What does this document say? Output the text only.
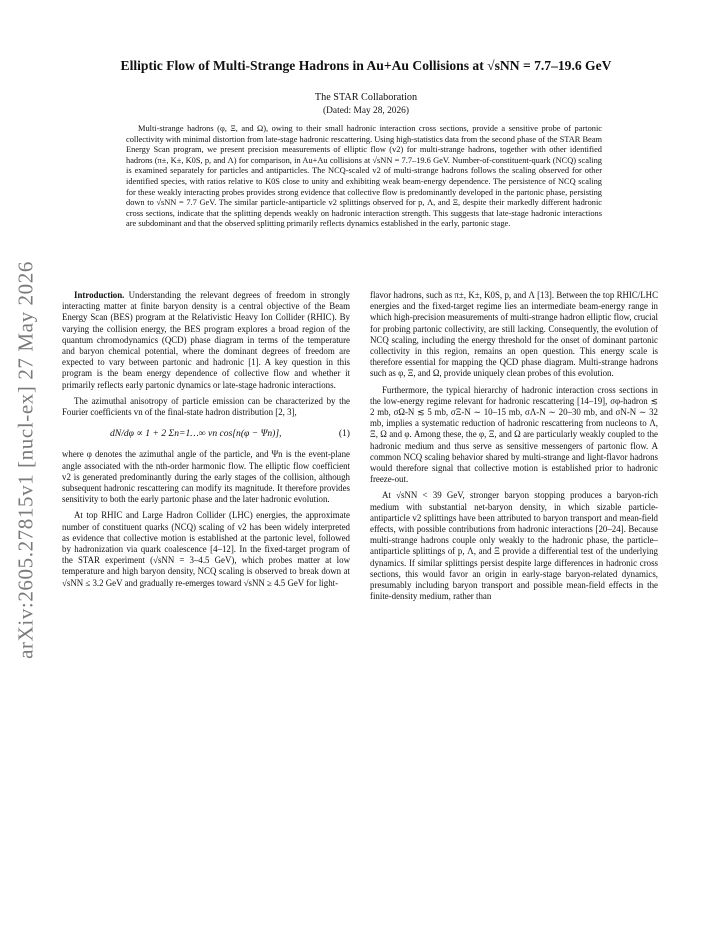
arXiv:2605.27815v1 [nucl-ex] 27 May 2026
Elliptic Flow of Multi-Strange Hadrons in Au+Au Collisions at √sNN = 7.7–19.6 GeV
The STAR Collaboration
(Dated: May 28, 2026)

Multi-strange hadrons (φ, Ξ, and Ω), owing to their small hadronic interaction cross sections, provide a sensitive probe of partonic collectivity with minimal distortion from late-stage hadronic rescattering. Using high-statistics data from the second phase of the STAR Beam Energy Scan program, we present precision measurements of elliptic flow (v2) for multi-strange hadrons, together with other identified hadrons (π±, K±, K0S, p, and Λ) for comparison, in Au+Au collisions at √sNN = 7.7–19.6 GeV. Number-of-constituent-quark (NCQ) scaling is examined separately for particles and antiparticles. The NCQ-scaled v2 of multi-strange hadrons follows the scaling observed for other identified species, with ratios relative to K0S close to unity and exhibiting weak beam-energy dependence. The persistence of NCQ scaling for these weakly interacting probes provides strong evidence that collective flow is predominantly developed in the partonic phase, persisting down to √sNN = 7.7 GeV. The similar particle-antiparticle v2 splittings observed for p, Λ, and Ξ, despite their markedly different hadronic cross sections, indicate that the splitting depends weakly on hadronic interaction strength. This suggests that late-stage hadronic interactions are subdominant and that the observed splitting primarily reflects dynamics established in the early, partonic stage.

Introduction. Understanding the relevant degrees of freedom in strongly interacting matter at finite baryon density is a central objective of the Beam Energy Scan (BES) program at the Relativistic Heavy Ion Collider (RHIC). By varying the collision energy, the BES program explores a broad region of the quantum chromodynamics (QCD) phase diagram in terms of the temperature and baryon chemical potential, where the dominant degrees of freedom are expected to vary between partonic and hadronic [1]. A key question in this program is the beam energy dependence of collective flow and whether it primarily reflects early partonic dynamics or late-stage hadronic interactions.

The azimuthal anisotropy of particle emission can be characterized by the Fourier coefficients vn of the final-state hadron distribution [2, 3],

dN/dφ ∝ 1 + 2 Σn=1…∞ vn cos[n(φ − Ψn)],	(1)

where φ denotes the azimuthal angle of the particle, and Ψn is the event-plane angle associated with the nth-order harmonic flow. The elliptic flow coefficient v2 is generated predominantly during the early stages of the collision, although subsequent hadronic rescattering can modify its magnitude. It therefore provides sensitivity to both the early partonic phase and the later hadronic evolution.

At top RHIC and Large Hadron Collider (LHC) energies, the approximate number of constituent quarks (NCQ) scaling of v2 has been widely interpreted as evidence that collective motion is established at the partonic level, followed by hadronization via quark coalescence [4–12]. In the fixed-target program of the STAR experiment (√sNN = 3–4.5 GeV), which probes matter at low temperature and high baryon density, NCQ scaling is observed to break down at √sNN ≤ 3.2 GeV and gradually re-emerges toward √sNN ≥ 4.5 GeV for light-

flavor hadrons, such as π±, K±, K0S, p, and Λ [13]. Between the top RHIC/LHC energies and the fixed-target regime lies an intermediate beam-energy range in which high-precision measurements of multi-strange hadron elliptic flow, crucial for probing partonic collectivity, are still lacking. Consequently, the evolution of NCQ scaling, including the energy threshold for the onset of dominant partonic collectivity in this region, remains an open question. This energy scale is therefore essential for mapping the QCD phase diagram. Multi-strange hadrons such as φ, Ξ, and Ω, provide uniquely clean probes of this evolution.

Furthermore, the typical hierarchy of hadronic interaction cross sections in the low-energy regime relevant for hadronic rescattering [14–19], σφ-hadron ≲ 2 mb, σΩ-N ≲ 5 mb, σΞ-N ∼ 10–15 mb, σΛ-N ∼ 20–30 mb, and σN-N ∼ 32 mb, implies a systematic reduction of hadronic rescattering from nucleons to Λ, Ξ, Ω and φ. Among these, the φ, Ξ, and Ω are particularly weakly coupled to the hadronic medium and thus serve as sensitive messengers of partonic flow. A common NCQ scaling behavior shared by multi-strange and light-flavor hadrons would therefore signal that collective motion is established prior to hadronic freeze-out.

At √sNN < 39 GeV, stronger baryon stopping produces a baryon-rich medium with substantial net-baryon density, in which sizable particle-antiparticle v2 splittings have been attributed to baryon transport and mean-field effects, with possible contributions from hadronic interactions [20–24]. Because multi-strange hadrons couple only weakly to the hadronic phase, the particle–antiparticle splittings of p, Λ, and Ξ provide a differential test of the underlying dynamics. If similar splittings persist despite large differences in hadronic cross sections, this would favor an origin in early-stage baryon-related dynamics, presumably including baryon transport and possible mean-field effects in the finite-density medium, rather than
